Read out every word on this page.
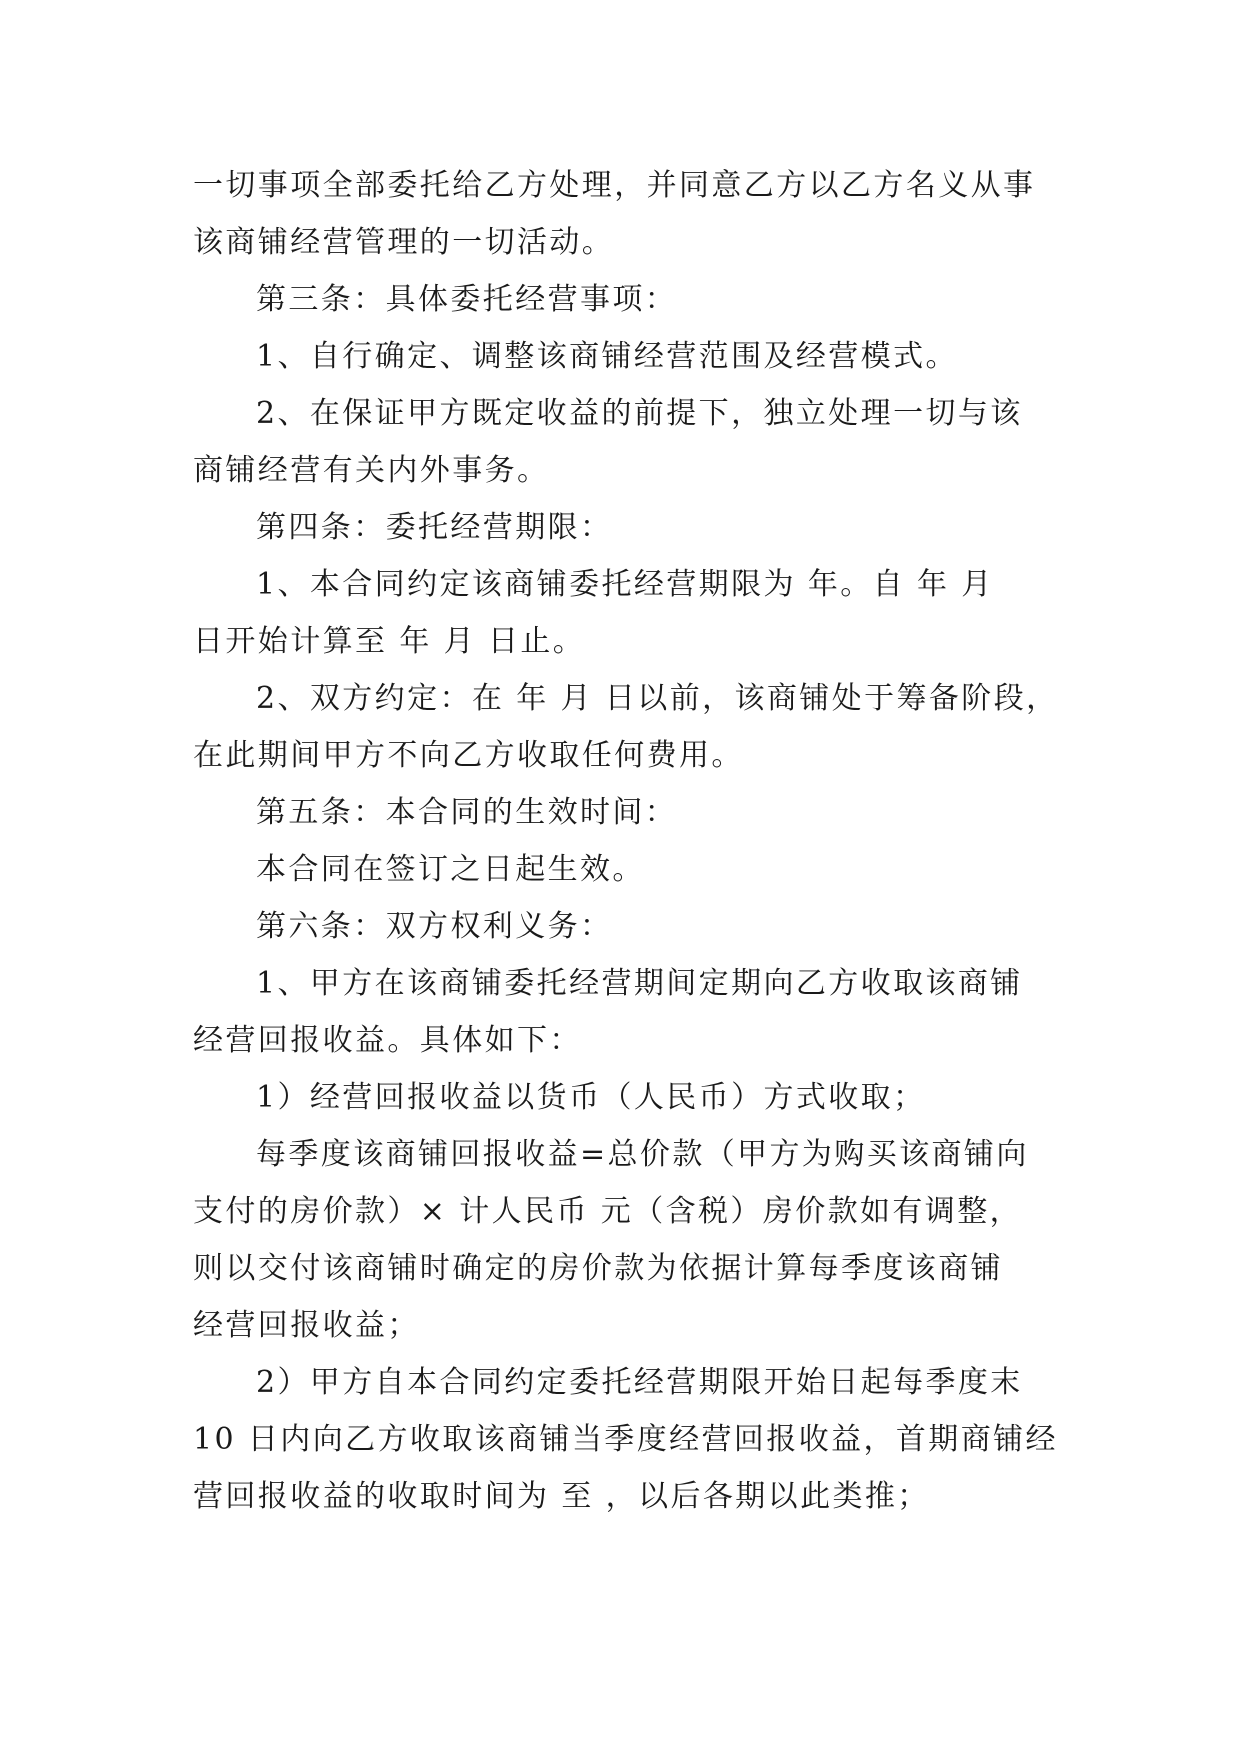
一切事项全部委托给乙方处理，并同意乙方以乙方名义从事
该商铺经营管理的一切活动。
第三条：具体委托经营事项：
1、自行确定、调整该商铺经营范围及经营模式。
2、在保证甲方既定收益的前提下，独立处理一切与该
商铺经营有关内外事务。
第四条：委托经营期限：
1、本合同约定该商铺委托经营期限为 年。自 年 月
日开始计算至 年 月 日止。
2、双方约定：在 年 月 日以前，该商铺处于筹备阶段，
在此期间甲方不向乙方收取任何费用。
第五条：本合同的生效时间：
本合同在签订之日起生效。
第六条：双方权利义务：
1、甲方在该商铺委托经营期间定期向乙方收取该商铺
经营回报收益。具体如下：
1）经营回报收益以货币（人民币）方式收取；
每季度该商铺回报收益=总价款（甲方为购买该商铺向
支付的房价款）× 计人民币 元（含税）房价款如有调整，
则以交付该商铺时确定的房价款为依据计算每季度该商铺
经营回报收益；
2）甲方自本合同约定委托经营期限开始日起每季度末
10 日内向乙方收取该商铺当季度经营回报收益，首期商铺经
营回报收益的收取时间为 至 ，以后各期以此类推；
